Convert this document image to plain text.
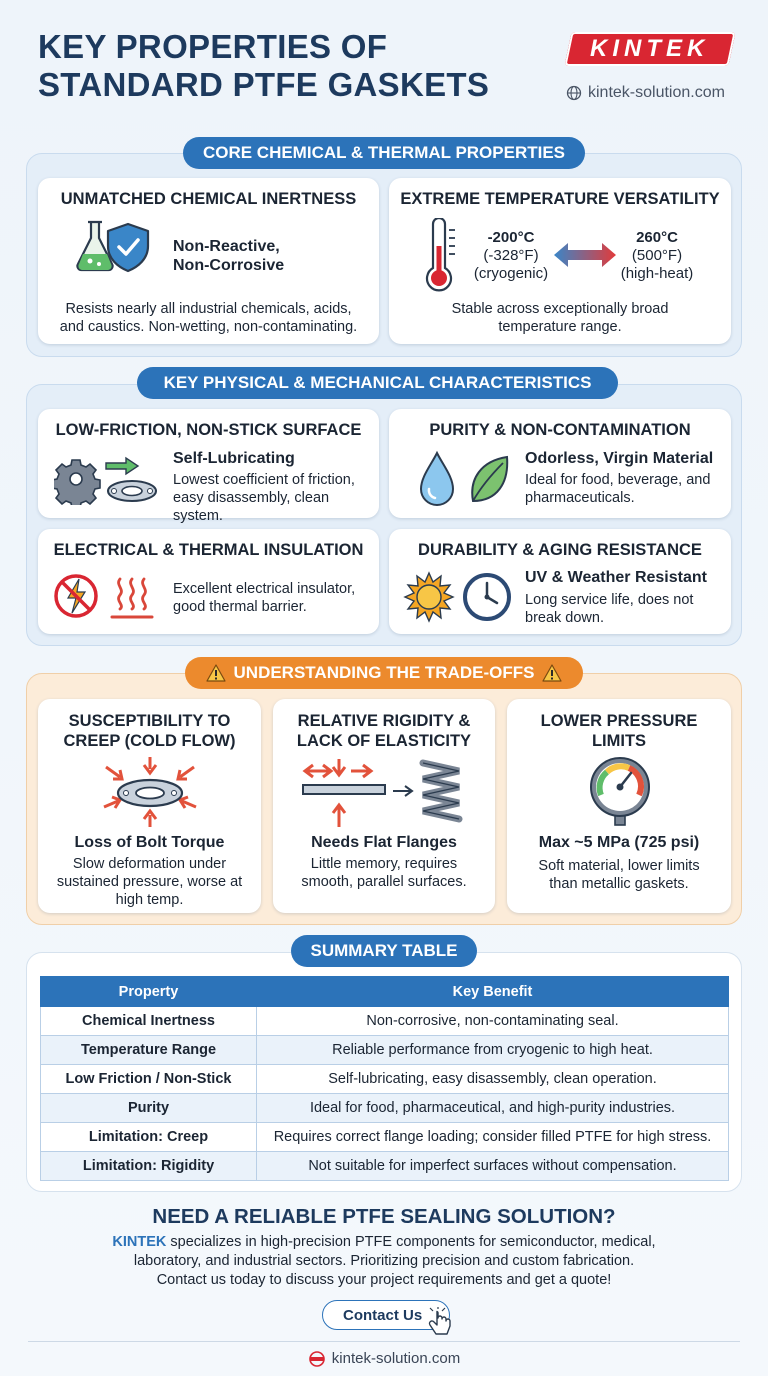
KEY PROPERTIES OF
STANDARD PTFE GASKETS
KINTEK
kintek-solution.com
CORE CHEMICAL & THERMAL PROPERTIES
UNMATCHED CHEMICAL INERTNESS
Non-Reactive,
Non-Corrosive
Resists nearly all industrial chemicals, acids,
and caustics. Non-wetting, non-contaminating.
EXTREME TEMPERATURE VERSATILITY
-200°C
(-328°F)
(cryogenic)
260°C
(500°F)
(high-heat)
Stable across exceptionally broad
temperature range.
KEY PHYSICAL & MECHANICAL CHARACTERISTICS
LOW-FRICTION, NON-STICK SURFACE
Self-Lubricating
Lowest coefficient of friction,
easy disassembly, clean system.
PURITY & NON-CONTAMINATION
Odorless, Virgin Material
Ideal for food, beverage, and
pharmaceuticals.
ELECTRICAL & THERMAL INSULATION
Excellent electrical insulator,
good thermal barrier.
DURABILITY & AGING RESISTANCE
UV & Weather Resistant
Long service life, does not
break down.
UNDERSTANDING THE TRADE-OFFS
SUSCEPTIBILITY TO
CREEP (COLD FLOW)
Loss of Bolt Torque
Slow deformation under
sustained pressure, worse at
high temp.
RELATIVE RIGIDITY &
LACK OF ELASTICITY
Needs Flat Flanges
Little memory, requires
smooth, parallel surfaces.
LOWER PRESSURE
LIMITS
Max ~5 MPa (725 psi)
Soft material, lower limits
than metallic gaskets.
SUMMARY TABLE
Property	Key Benefit
Chemical Inertness	Non-corrosive, non-contaminating seal.
Temperature Range	Reliable performance from cryogenic to high heat.
Low Friction / Non-Stick	Self-lubricating, easy disassembly, clean operation.
Purity	Ideal for food, pharmaceutical, and high-purity industries.
Limitation: Creep	Requires correct flange loading; consider filled PTFE for high stress.
Limitation: Rigidity	Not suitable for imperfect surfaces without compensation.
NEED A RELIABLE PTFE SEALING SOLUTION?
KINTEK specializes in high-precision PTFE components for semiconductor, medical,
laboratory, and industrial sectors. Prioritizing precision and custom fabrication.
Contact us today to discuss your project requirements and get a quote!
Contact Us
kintek-solution.com
